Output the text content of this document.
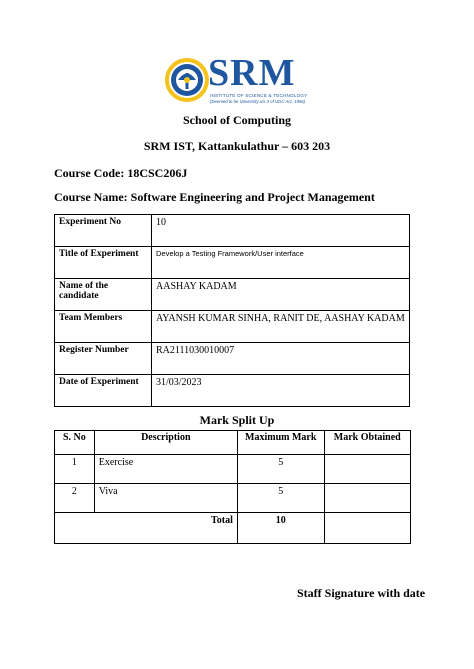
SRM
INSTITUTE OF SCIENCE & TECHNOLOGY
(Deemed to be University u/s 3 of UGC Act, 1956)
School of Computing
SRM IST, Kattankulathur – 603 203
Course Code: 18CSC206J
Course Name: Software Engineering and Project Management
Experiment No	10
Title of Experiment	Develop a Testing Framework/User interface
Name of the candidate	AASHAY KADAM
Team Members	AYANSH KUMAR SINHA, RANIT DE, AASHAY KADAM
Register Number	RA2111030010007
Date of Experiment	31/03/2023
Mark Split Up
S. No	Description	Maximum Mark	Mark Obtained
1	Exercise	5	
2	Viva	5	
Total		10	
Staff Signature with date
